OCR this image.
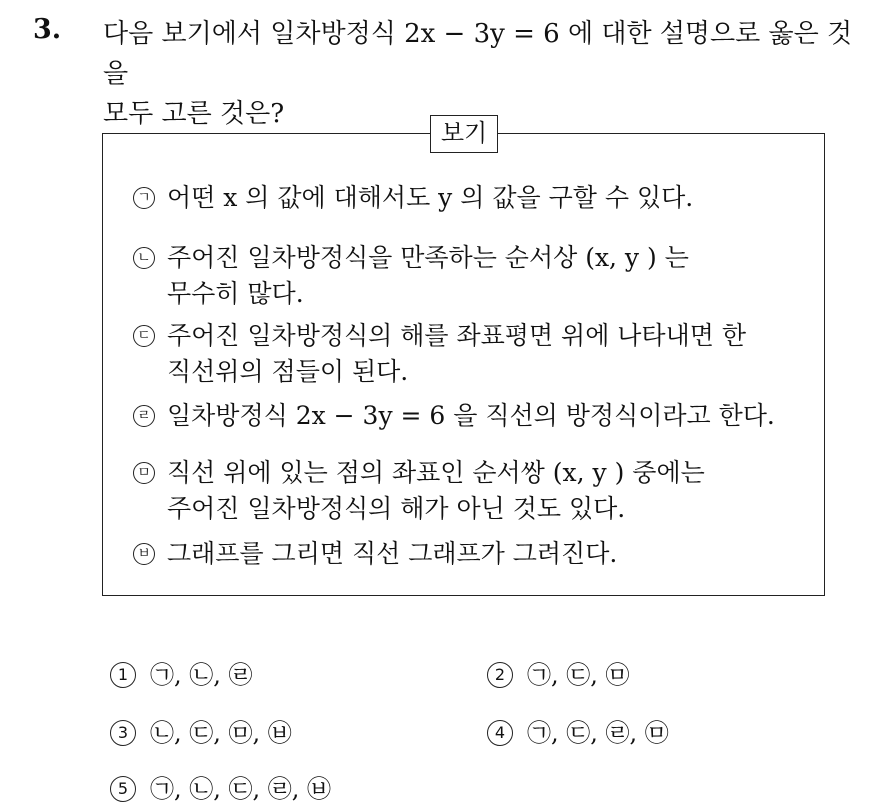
3. 다음 보기에서 일차방정식 2x − 3y = 6 에 대한 설명으로 옳은 것을
모두 고른 것은?
보기
ㄱ 어떤 x 의 값에 대해서도 y 의 값을 구할 수 있다.
ㄴ 주어진 일차방정식을 만족하는 순서상 (x, y ) 는
무수히 많다.
ㄷ 주어진 일차방정식의 해를 좌표평면 위에 나타내면 한
직선위의 점들이 된다.
ㄹ 일차방정식 2x − 3y = 6 을 직선의 방정식이라고 한다.
ㅁ 직선 위에 있는 점의 좌표인 순서쌍 (x, y ) 중에는
주어진 일차방정식의 해가 아닌 것도 있다.
ㅂ 그래프를 그리면 직선 그래프가 그려진다.
1 ㉠, ㉡, ㉣	2 ㉠, ㉢, ㉤
3 ㉡, ㉢, ㉤, ㉥	4 ㉠, ㉢, ㉣, ㉤
5 ㉠, ㉡, ㉢, ㉣, ㉥
